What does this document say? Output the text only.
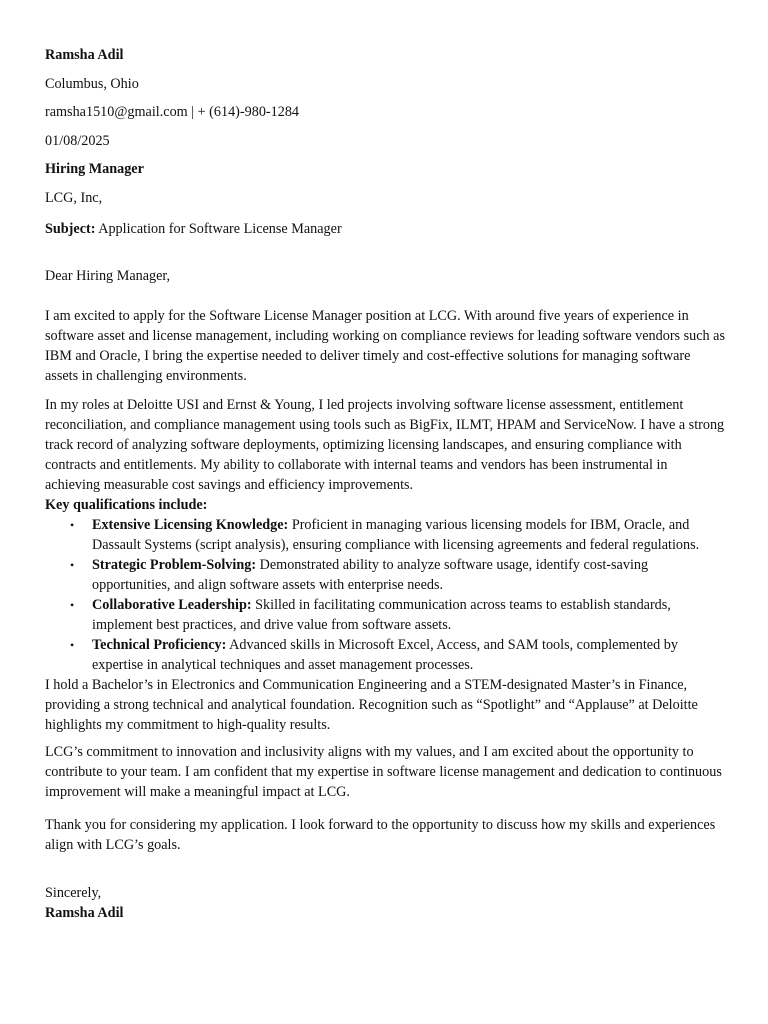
Ramsha Adil

Columbus, Ohio

ramsha1510@gmail.com | + (614)-980-1284

01/08/2025

Hiring Manager

LCG, Inc,

Subject: Application for Software License Manager

Dear Hiring Manager,

I am excited to apply for the Software License Manager position at LCG. With around five years of experience in software asset and license management, including working on compliance reviews for leading software vendors such as IBM and Oracle, I bring the expertise needed to deliver timely and cost-effective solutions for managing software assets in challenging environments.

In my roles at Deloitte USI and Ernst & Young, I led projects involving software license assessment, entitlement reconciliation, and compliance management using tools such as BigFix, ILMT, HPAM and ServiceNow. I have a strong track record of analyzing software deployments, optimizing licensing landscapes, and ensuring compliance with contracts and entitlements. My ability to collaborate with internal teams and vendors has been instrumental in achieving measurable cost savings and efficiency improvements.

Key qualifications include:

• Extensive Licensing Knowledge: Proficient in managing various licensing models for IBM, Oracle, and Dassault Systems (script analysis), ensuring compliance with licensing agreements and federal regulations.
• Strategic Problem-Solving: Demonstrated ability to analyze software usage, identify cost-saving opportunities, and align software assets with enterprise needs.
• Collaborative Leadership: Skilled in facilitating communication across teams to establish standards, implement best practices, and drive value from software assets.
• Technical Proficiency: Advanced skills in Microsoft Excel, Access, and SAM tools, complemented by expertise in analytical techniques and asset management processes.

I hold a Bachelor’s in Electronics and Communication Engineering and a STEM-designated Master’s in Finance, providing a strong technical and analytical foundation. Recognition such as “Spotlight” and “Applause” at Deloitte highlights my commitment to high-quality results.

LCG’s commitment to innovation and inclusivity aligns with my values, and I am excited about the opportunity to contribute to your team. I am confident that my expertise in software license management and dedication to continuous improvement will make a meaningful impact at LCG.

Thank you for considering my application. I look forward to the opportunity to discuss how my skills and experiences align with LCG’s goals.

Sincerely,

Ramsha Adil
